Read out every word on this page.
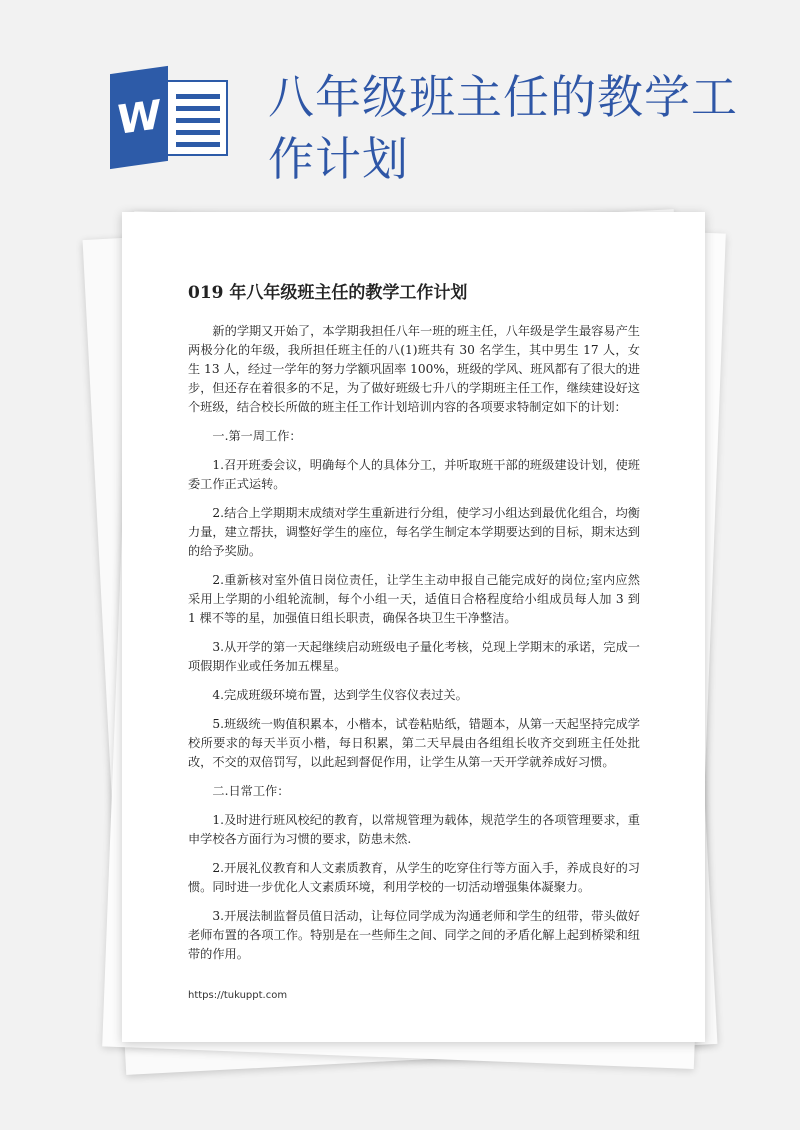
W 八年级班主任的教学工作计划
019 年八年级班主任的教学工作计划

新的学期又开始了，本学期我担任八年一班的班主任，八年级是学生最容易产生两极分化的年级，我所担任班主任的八(1)班共有 30 名学生，其中男生 17 人，女生 13 人，经过一学年的努力学额巩固率 100%，班级的学风、班风都有了很大的进步，但还存在着很多的不足，为了做好班级七升八的学期班主任工作，继续建设好这个班级，结合校长所做的班主任工作计划培训内容的各项要求特制定如下的计划：

一.第一周工作：

1.召开班委会议，明确每个人的具体分工，并听取班干部的班级建设计划，使班委工作正式运转。

2.结合上学期期末成绩对学生重新进行分组，使学习小组达到最优化组合，均衡力量，建立帮扶，调整好学生的座位，每名学生制定本学期要达到的目标，期末达到的给予奖励。

2.重新核对室外值日岗位责任，让学生主动申报自己能完成好的岗位;室内应然采用上学期的小组轮流制，每个小组一天，适值日合格程度给小组成员每人加 3 到 1 棵不等的星，加强值日组长职责，确保各块卫生干净整洁。

3.从开学的第一天起继续启动班级电子量化考核，兑现上学期末的承诺，完成一项假期作业或任务加五棵星。

4.完成班级环境布置，达到学生仪容仪表过关。

5.班级统一购值积累本，小楷本，试卷粘贴纸，错题本，从第一天起坚持完成学校所要求的每天半页小楷，每日积累，第二天早晨由各组组长收齐交到班主任处批改，不交的双倍罚写，以此起到督促作用，让学生从第一天开学就养成好习惯。

二.日常工作：

1.及时进行班风校纪的教育，以常规管理为载体，规范学生的各项管理要求，重申学校各方面行为习惯的要求，防患未然.

2.开展礼仪教育和人文素质教育，从学生的吃穿住行等方面入手，养成良好的习惯。同时进一步优化人文素质环境，利用学校的一切活动增强集体凝聚力。

3.开展法制监督员值日活动，让每位同学成为沟通老师和学生的纽带，带头做好老师布置的各项工作。特别是在一些师生之间、同学之间的矛盾化解上起到桥梁和纽带的作用。

https://tukuppt.com
